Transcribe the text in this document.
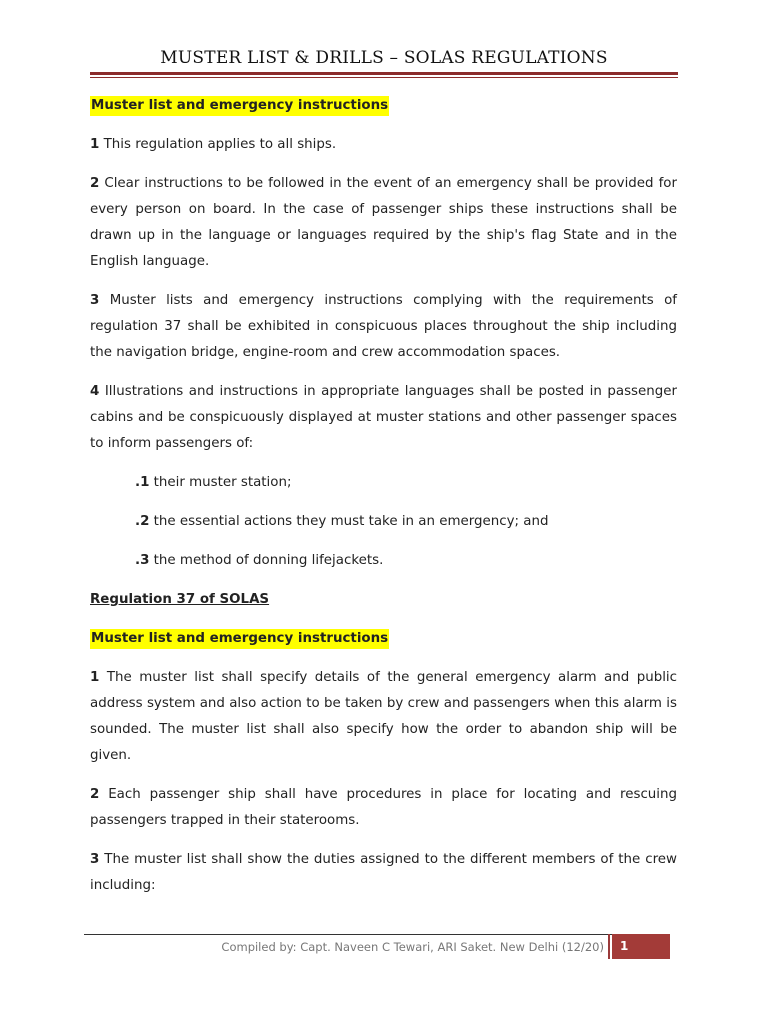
MUSTER LIST & DRILLS – SOLAS REGULATIONS
Muster list and emergency instructions

1 This regulation applies to all ships.

2 Clear instructions to be followed in the event of an emergency shall be provided for every person on board. In the case of passenger ships these instructions shall be drawn up in the language or languages required by the ship's flag State and in the English language.

3 Muster lists and emergency instructions complying with the requirements of regulation 37 shall be exhibited in conspicuous places throughout the ship including the navigation bridge, engine-room and crew accommodation spaces.

4 Illustrations and instructions in appropriate languages shall be posted in passenger cabins and be conspicuously displayed at muster stations and other passenger spaces to inform passengers of:

.1 their muster station;

.2 the essential actions they must take in an emergency; and

.3 the method of donning lifejackets.

Regulation 37 of SOLAS
Muster list and emergency instructions

1 The muster list shall specify details of the general emergency alarm and public address system and also action to be taken by crew and passengers when this alarm is sounded. The muster list shall also specify how the order to abandon ship will be given.

2 Each passenger ship shall have procedures in place for locating and rescuing passengers trapped in their staterooms.

3 The muster list shall show the duties assigned to the different members of the crew including:

Compiled by: Capt. Naveen C Tewari, ARI Saket. New Delhi (12/20)	1
